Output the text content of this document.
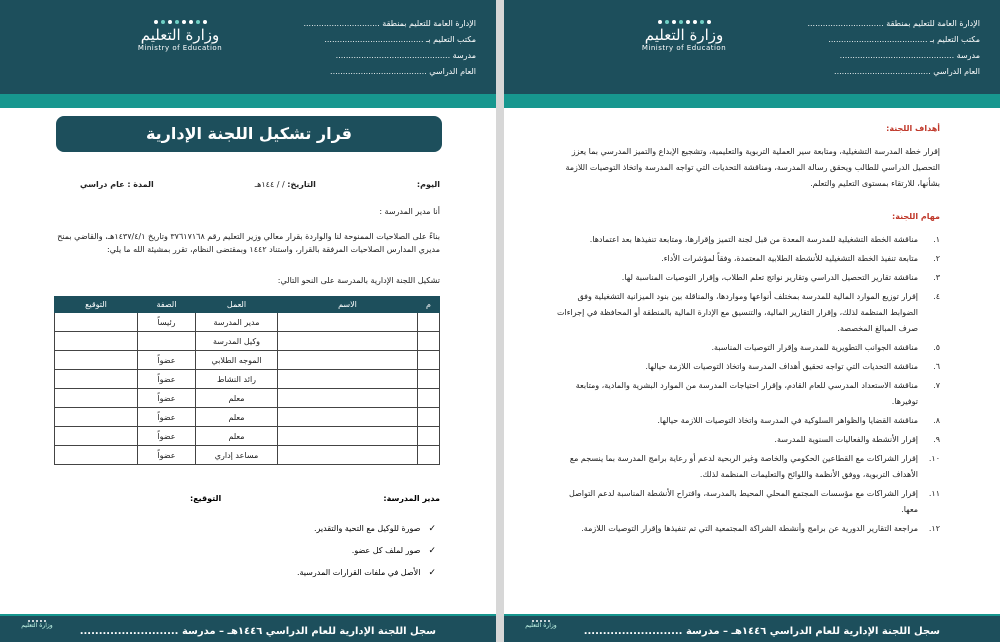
الإدارة العامة للتعليم بمنطقة ..............................
مكتب التعليم بـ .......................................
مدرسة .............................................
العام الدراسي ......................................
وزارة التعليم
Ministry of Education
قرار تشكيل اللجنة الإدارية
اليوم:
التاريخ: / / ١٤٤هـ
المدة : عام دراسي
أنا مدير المدرسة :
بناءً على الصلاحيات الممنوحة لنا والواردة بقرار معالي وزير التعليم رقم ٣٧٦١٧١٦٨ وتاريخ ١٤٣٧/٤/١هـ، والقاضي بمنح مديري المدارس الصلاحيات المرفقة بالقرار، واستناد ١٤٤٢ وبمقتضى النظام، تقرر بمشيئة الله ما يلي:
تشكيل اللجنة الإدارية بالمدرسة على النحو التالي:
م	الاسم	العمل	الصفة	التوقيع
		مدير المدرسة	رئيساً	
		وكيل المدرسة		
		الموجه الطلابي	عضواً	
		رائد النشاط	عضواً	
		معلم	عضواً	
		معلم	عضواً	
		معلم	عضواً	
		مساعد إداري	عضواً	
مدير المدرسة:
التوقيع:
✓ صورة للوكيل مع التحية والتقدير.
✓ صور لملف كل عضو.
✓ الأصل في ملفات القرارات المدرسية.
سجل اللجنة الإدارية للعام الدراسي ١٤٤٦هـ – مدرسة ..........................
وزارة التعليم
الإدارة العامة للتعليم بمنطقة ..............................
مكتب التعليم بـ .......................................
مدرسة .............................................
العام الدراسي ......................................
وزارة التعليم
Ministry of Education
أهداف اللجنة:
إقرار خطة المدرسة التشغيلية، ومتابعة سير العملية التربوية والتعليمية، وتشجيع الإبداع والتميز المدرسي بما يعزز التحصيل الدراسي للطالب ويحقق رسالة المدرسة، ومناقشة التحديات التي تواجه المدرسة واتخاذ التوصيات اللازمة بشأنها، للارتقاء بمستوى التعليم والتعلم.
مهام اللجنة:
١.
مناقشة الخطة التشغيلية للمدرسة المعدة من قبل لجنة التميز وإقرارها، ومتابعة تنفيذها بعد اعتمادها.
٢.
متابعة تنفيذ الخطة التشغيلية للأنشطة الطلابية المعتمدة، وفقاً لمؤشرات الأداء.
٣.
مناقشة تقارير التحصيل الدراسي وتقارير نواتج تعلم الطلاب، وإقرار التوصيات المناسبة لها.
٤.
إقرار توزيع الموارد المالية للمدرسة بمختلف أنواعها ومواردها، والمناقلة بين بنود الميزانية التشغيلية وفق الضوابط المنظمة لذلك، وإقرار التقارير المالية، والتنسيق مع الإدارة المالية بالمنطقة أو المحافظة في إجراءات صرف المبالغ المخصصة.
٥.
مناقشة الجوانب التطويرية للمدرسة وإقرار التوصيات المناسبة.
٦.
مناقشة التحديات التي تواجه تحقيق أهداف المدرسة واتخاذ التوصيات اللازمة حيالها.
٧.
مناقشة الاستعداد المدرسي للعام القادم، وإقرار احتياجات المدرسة من الموارد البشرية والمادية، ومتابعة توفيرها.
٨.
مناقشة القضايا والظواهر السلوكية في المدرسة واتخاذ التوصيات اللازمة حيالها.
٩.
إقرار الأنشطة والفعاليات السنوية للمدرسة.
١٠.
إقرار الشراكات مع القطاعين الحكومي والخاصة وغير الربحية لدعم أو رعاية برامج المدرسة بما ينسجم مع الأهداف التربوية، ووفق الأنظمة واللوائح والتعليمات المنظمة لذلك.
١١.
إقرار الشراكات مع مؤسسات المجتمع المحلي المحيط بالمدرسة، واقتراح الأنشطة المناسبة لدعم التواصل معها.
١٢.
مراجعة التقارير الدورية عن برامج وأنشطة الشراكة المجتمعية التي تم تنفيذها وإقرار التوصيات اللازمة.
سجل اللجنة الإدارية للعام الدراسي ١٤٤٦هـ – مدرسة ..........................
وزارة التعليم
